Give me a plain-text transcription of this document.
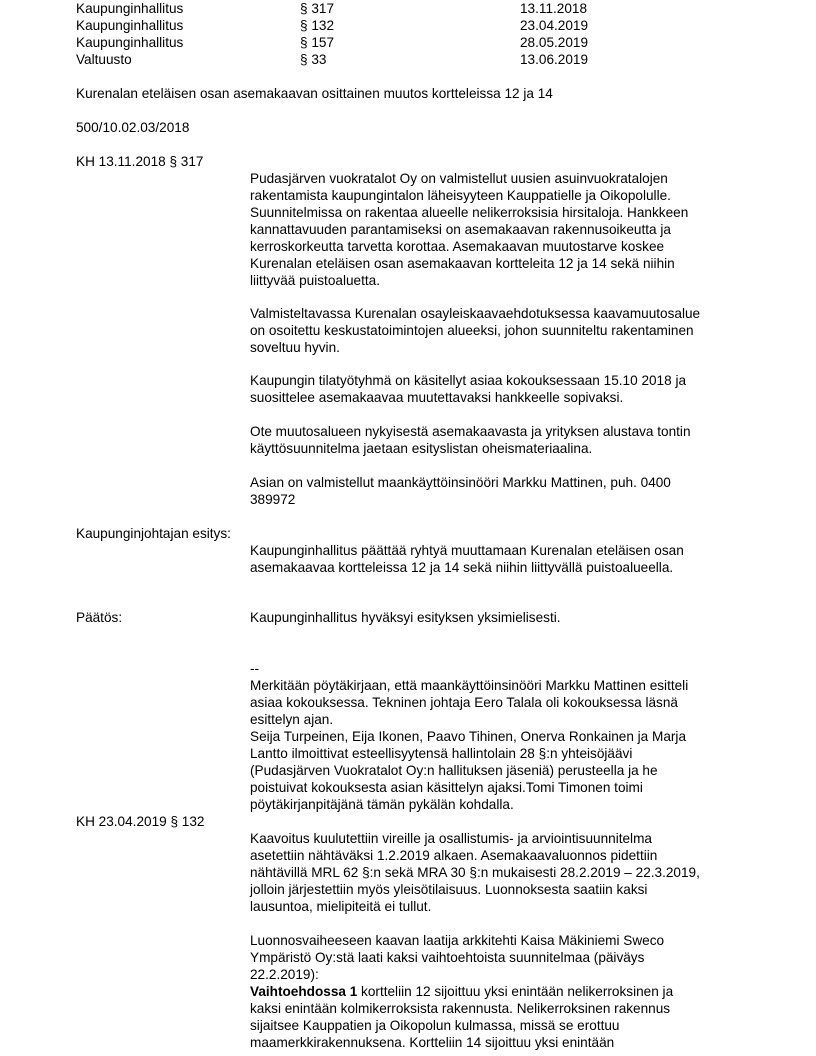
Kaupunginhallitus	§ 317	13.11.2018
Kaupunginhallitus	§ 132	23.04.2019
Kaupunginhallitus	§ 157	28.05.2019
Valtuusto	§ 33	13.06.2019
Kurenalan eteläisen osan asemakaavan osittainen muutos kortteleissa 12 ja 14
500/10.02.03/2018
KH 13.11.2018 § 317

Pudasjärven vuokratalot Oy on valmistellut uusien asuinvuokratalojen

rakentamista kaupungintalon läheisyyteen Kauppatielle ja Oikopolulle.

Suunnitelmissa on rakentaa alueelle nelikerroksisia hirsitaloja. Hankkeen

kannattavuuden parantamiseksi on asemakaavan rakennusoikeutta ja

kerroskorkeutta tarvetta korottaa. Asemakaavan muutostarve koskee

Kurenalan eteläisen osan asemakaavan kortteleita 12 ja 14 sekä niihin

liittyvää puistoaluetta.

Valmisteltavassa Kurenalan osayleiskaavaehdotuksessa kaavamuutosalue

on osoitettu keskustatoimintojen alueeksi, johon suunniteltu rakentaminen

soveltuu hyvin.

Kaupungin tilatyötyhmä on käsitellyt asiaa kokouksessaan 15.10 2018 ja

suosittelee asemakaavaa muutettavaksi hankkeelle sopivaksi.

Ote muutosalueen nykyisestä asemakaavasta ja yrityksen alustava tontin

käyttösuunnitelma jaetaan esityslistan oheismateriaalina.

Asian on valmistellut maankäyttöinsinööri Markku Mattinen, puh. 0400

389972

Kaupunginjohtajan esitys:

Kaupunginhallitus päättää ryhtyä muuttamaan Kurenalan eteläisen osan

asemakaavaa kortteleissa 12 ja 14 sekä niihin liittyvällä puistoalueella.

Päätös:	Kaupunginhallitus hyväksyi esityksen yksimielisesti.

--

Merkitään pöytäkirjaan, että maankäyttöinsinööri Markku Mattinen esitteli

asiaa kokouksessa. Tekninen johtaja Eero Talala oli kokouksessa läsnä

esittelyn ajan.

Seija Turpeinen, Eija Ikonen, Paavo Tihinen, Onerva Ronkainen ja Marja

Lantto ilmoittivat esteellisyytensä hallintolain 28 §:n yhteisöjäävi

(Pudasjärven Vuokratalot Oy:n hallituksen jäseniä) perusteella ja he

poistuivat kokouksesta asian käsittelyn ajaksi.Tomi Timonen toimi

pöytäkirjanpitäjänä tämän pykälän kohdalla.

KH 23.04.2019 § 132

Kaavoitus kuulutettiin vireille ja osallistumis- ja arviointisuunnitelma

asetettiin nähtäväksi 1.2.2019 alkaen. Asemakaavaluonnos pidettiin

nähtävillä MRL 62 §:n sekä MRA 30 §:n mukaisesti 28.2.2019 – 22.3.2019,

jolloin järjestettiin myös yleisötilaisuus. Luonnoksesta saatiin kaksi

lausuntoa, mielipiteitä ei tullut.

Luonnosvaiheeseen kaavan laatija arkkitehti Kaisa Mäkiniemi Sweco

Ympäristö Oy:stä laati kaksi vaihtoehtoista suunnitelmaa (päiväys

22.2.2019):

Vaihtoehdossa 1 kortteliin 12 sijoittuu yksi enintään nelikerroksinen ja

kaksi enintään kolmikerroksista rakennusta. Nelikerroksinen rakennus

sijaitsee Kauppatien ja Oikopolun kulmassa, missä se erottuu

maamerkkirakennuksena. Kortteliin 14 sijoittuu yksi enintään
